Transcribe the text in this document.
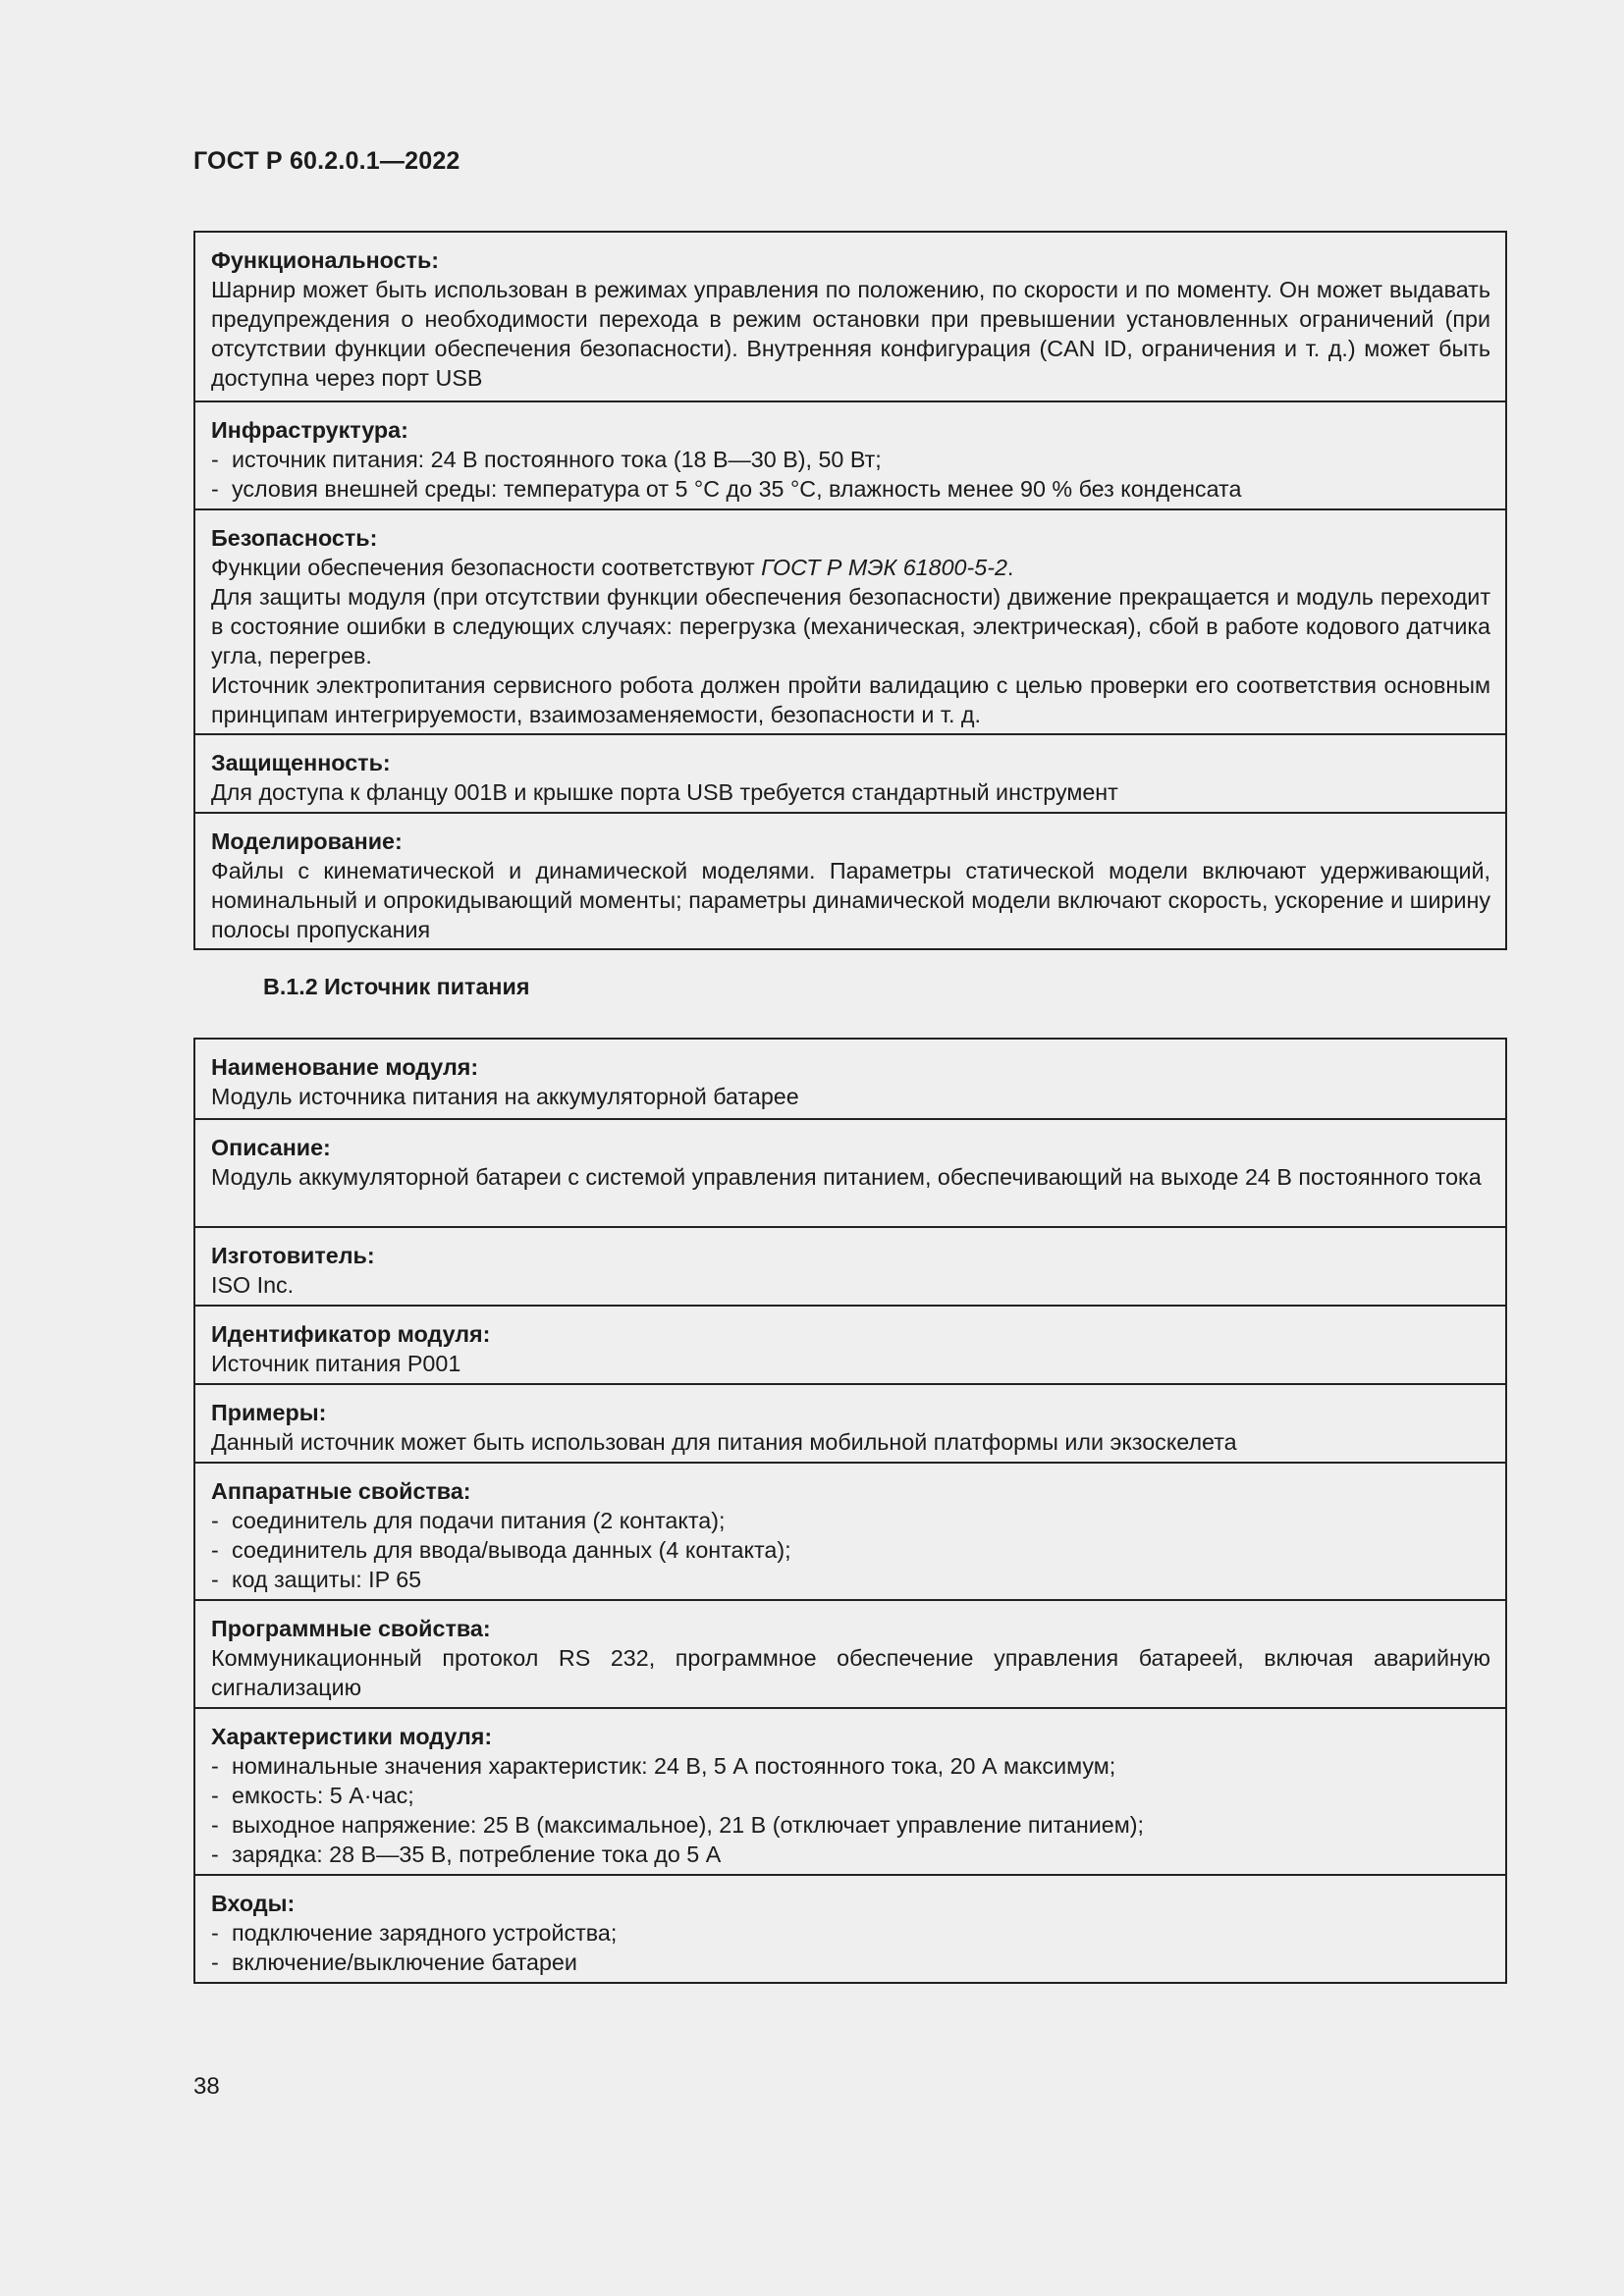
ГОСТ Р 60.2.0.1—2022
Функциональность:
Шарнир может быть использован в режимах управления по положению, по скорости и по моменту. Он может выдавать предупреждения о необходимости перехода в режим остановки при превышении установленных ограничений (при отсутствии функции обеспечения безопасности). Внутренняя конфигурация (CAN ID, ограничения и т. д.) может быть доступна через порт USB
Инфраструктура:
- источник питания: 24 В постоянного тока (18 В—30 В), 50 Вт;
- условия внешней среды: температура от 5 °С до 35 °С, влажность менее 90 % без конденсата
Безопасность:
Функции обеспечения безопасности соответствуют ГОСТ Р МЭК 61800-5-2.
Для защиты модуля (при отсутствии функции обеспечения безопасности) движение прекращается и модуль переходит в состояние ошибки в следующих случаях: перегрузка (механическая, электрическая), сбой в работе кодового датчика угла, перегрев.
Источник электропитания сервисного робота должен пройти валидацию с целью проверки его соответствия основным принципам интегрируемости, взаимозаменяемости, безопасности и т. д.
Защищенность:
Для доступа к фланцу 001В и крышке порта USB требуется стандартный инструмент
Моделирование:
Файлы с кинематической и динамической моделями. Параметры статической модели включают удерживающий, номинальный и опрокидывающий моменты; параметры динамической модели включают скорость, ускорение и ширину полосы пропускания
В.1.2 Источник питания
Наименование модуля:
Модуль источника питания на аккумуляторной батарее
Описание:
Модуль аккумуляторной батареи с системой управления питанием, обеспечивающий на выходе 24 В постоянного тока
Изготовитель:
ISO Inc.
Идентификатор модуля:
Источник питания Р001
Примеры:
Данный источник может быть использован для питания мобильной платформы или экзоскелета
Аппаратные свойства:
- соединитель для подачи питания (2 контакта);
- соединитель для ввода/вывода данных (4 контакта);
- код защиты: IP 65
Программные свойства:
Коммуникационный протокол RS 232, программное обеспечение управления батареей, включая аварийную сигнализацию
Характеристики модуля:
- номинальные значения характеристик: 24 В, 5 А постоянного тока, 20 А максимум;
- емкость: 5 А·час;
- выходное напряжение: 25 В (максимальное), 21 В (отключает управление питанием);
- зарядка: 28 В—35 В, потребление тока до 5 А
Входы:
- подключение зарядного устройства;
- включение/выключение батареи
38
